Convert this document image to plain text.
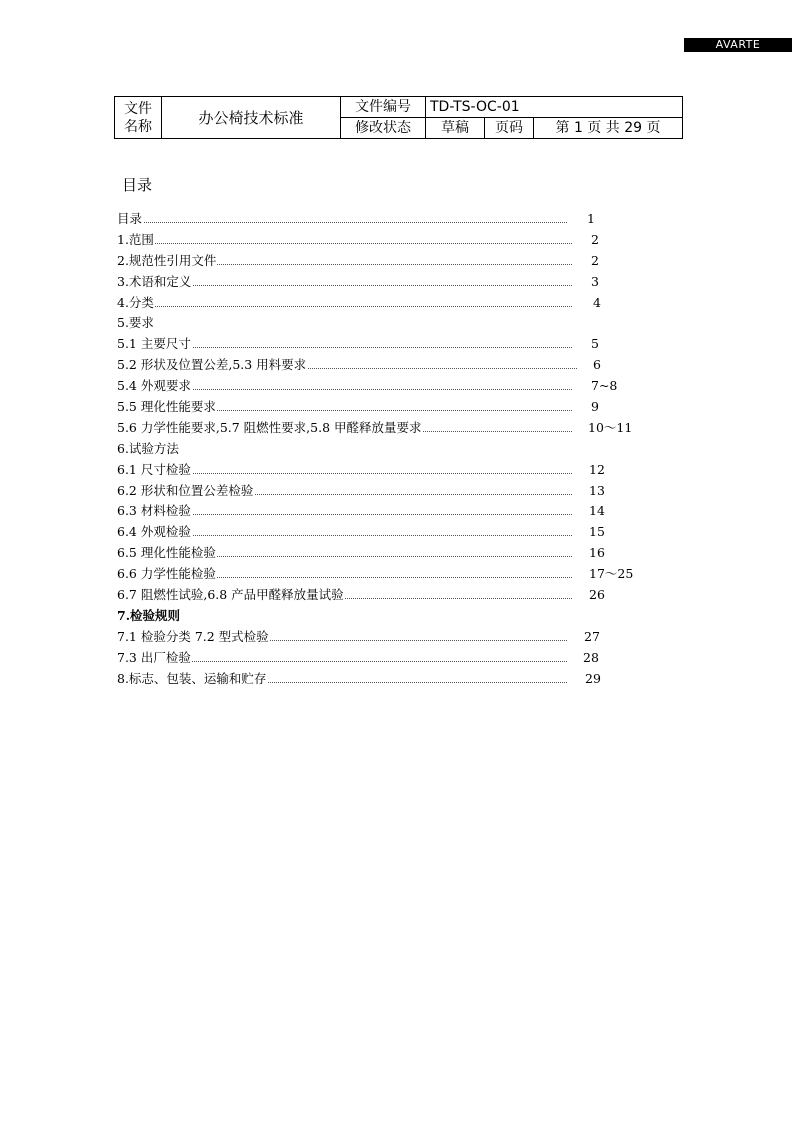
AVARTE
文件
名称	办公椅技术标准	文件编号	TD-TS-OC-01		
		修改状态	草稿	页码	第 1 页 共 29 页
目录
目录	1
1.范围	2
2.规范性引用文件	2
3.术语和定义	3
4.分类	4
5.要求
5.1 主要尺寸	5
5.2 形状及位置公差,5.3 用料要求	6
5.4 外观要求	7~8
5.5 理化性能要求	9
5.6 力学性能要求,5.7 阻燃性要求,5.8 甲醛释放量要求	10～11
6.试验方法
6.1 尺寸检验	12
6.2 形状和位置公差检验	13
6.3 材料检验	14
6.4 外观检验	15
6.5 理化性能检验	16
6.6 力学性能检验	17～25
6.7 阻燃性试验,6.8 产品甲醛释放量试验	26
7.检验规则
7.1 检验分类 7.2 型式检验	27
7.3 出厂检验	28
8.标志、包装、运输和贮存	29
